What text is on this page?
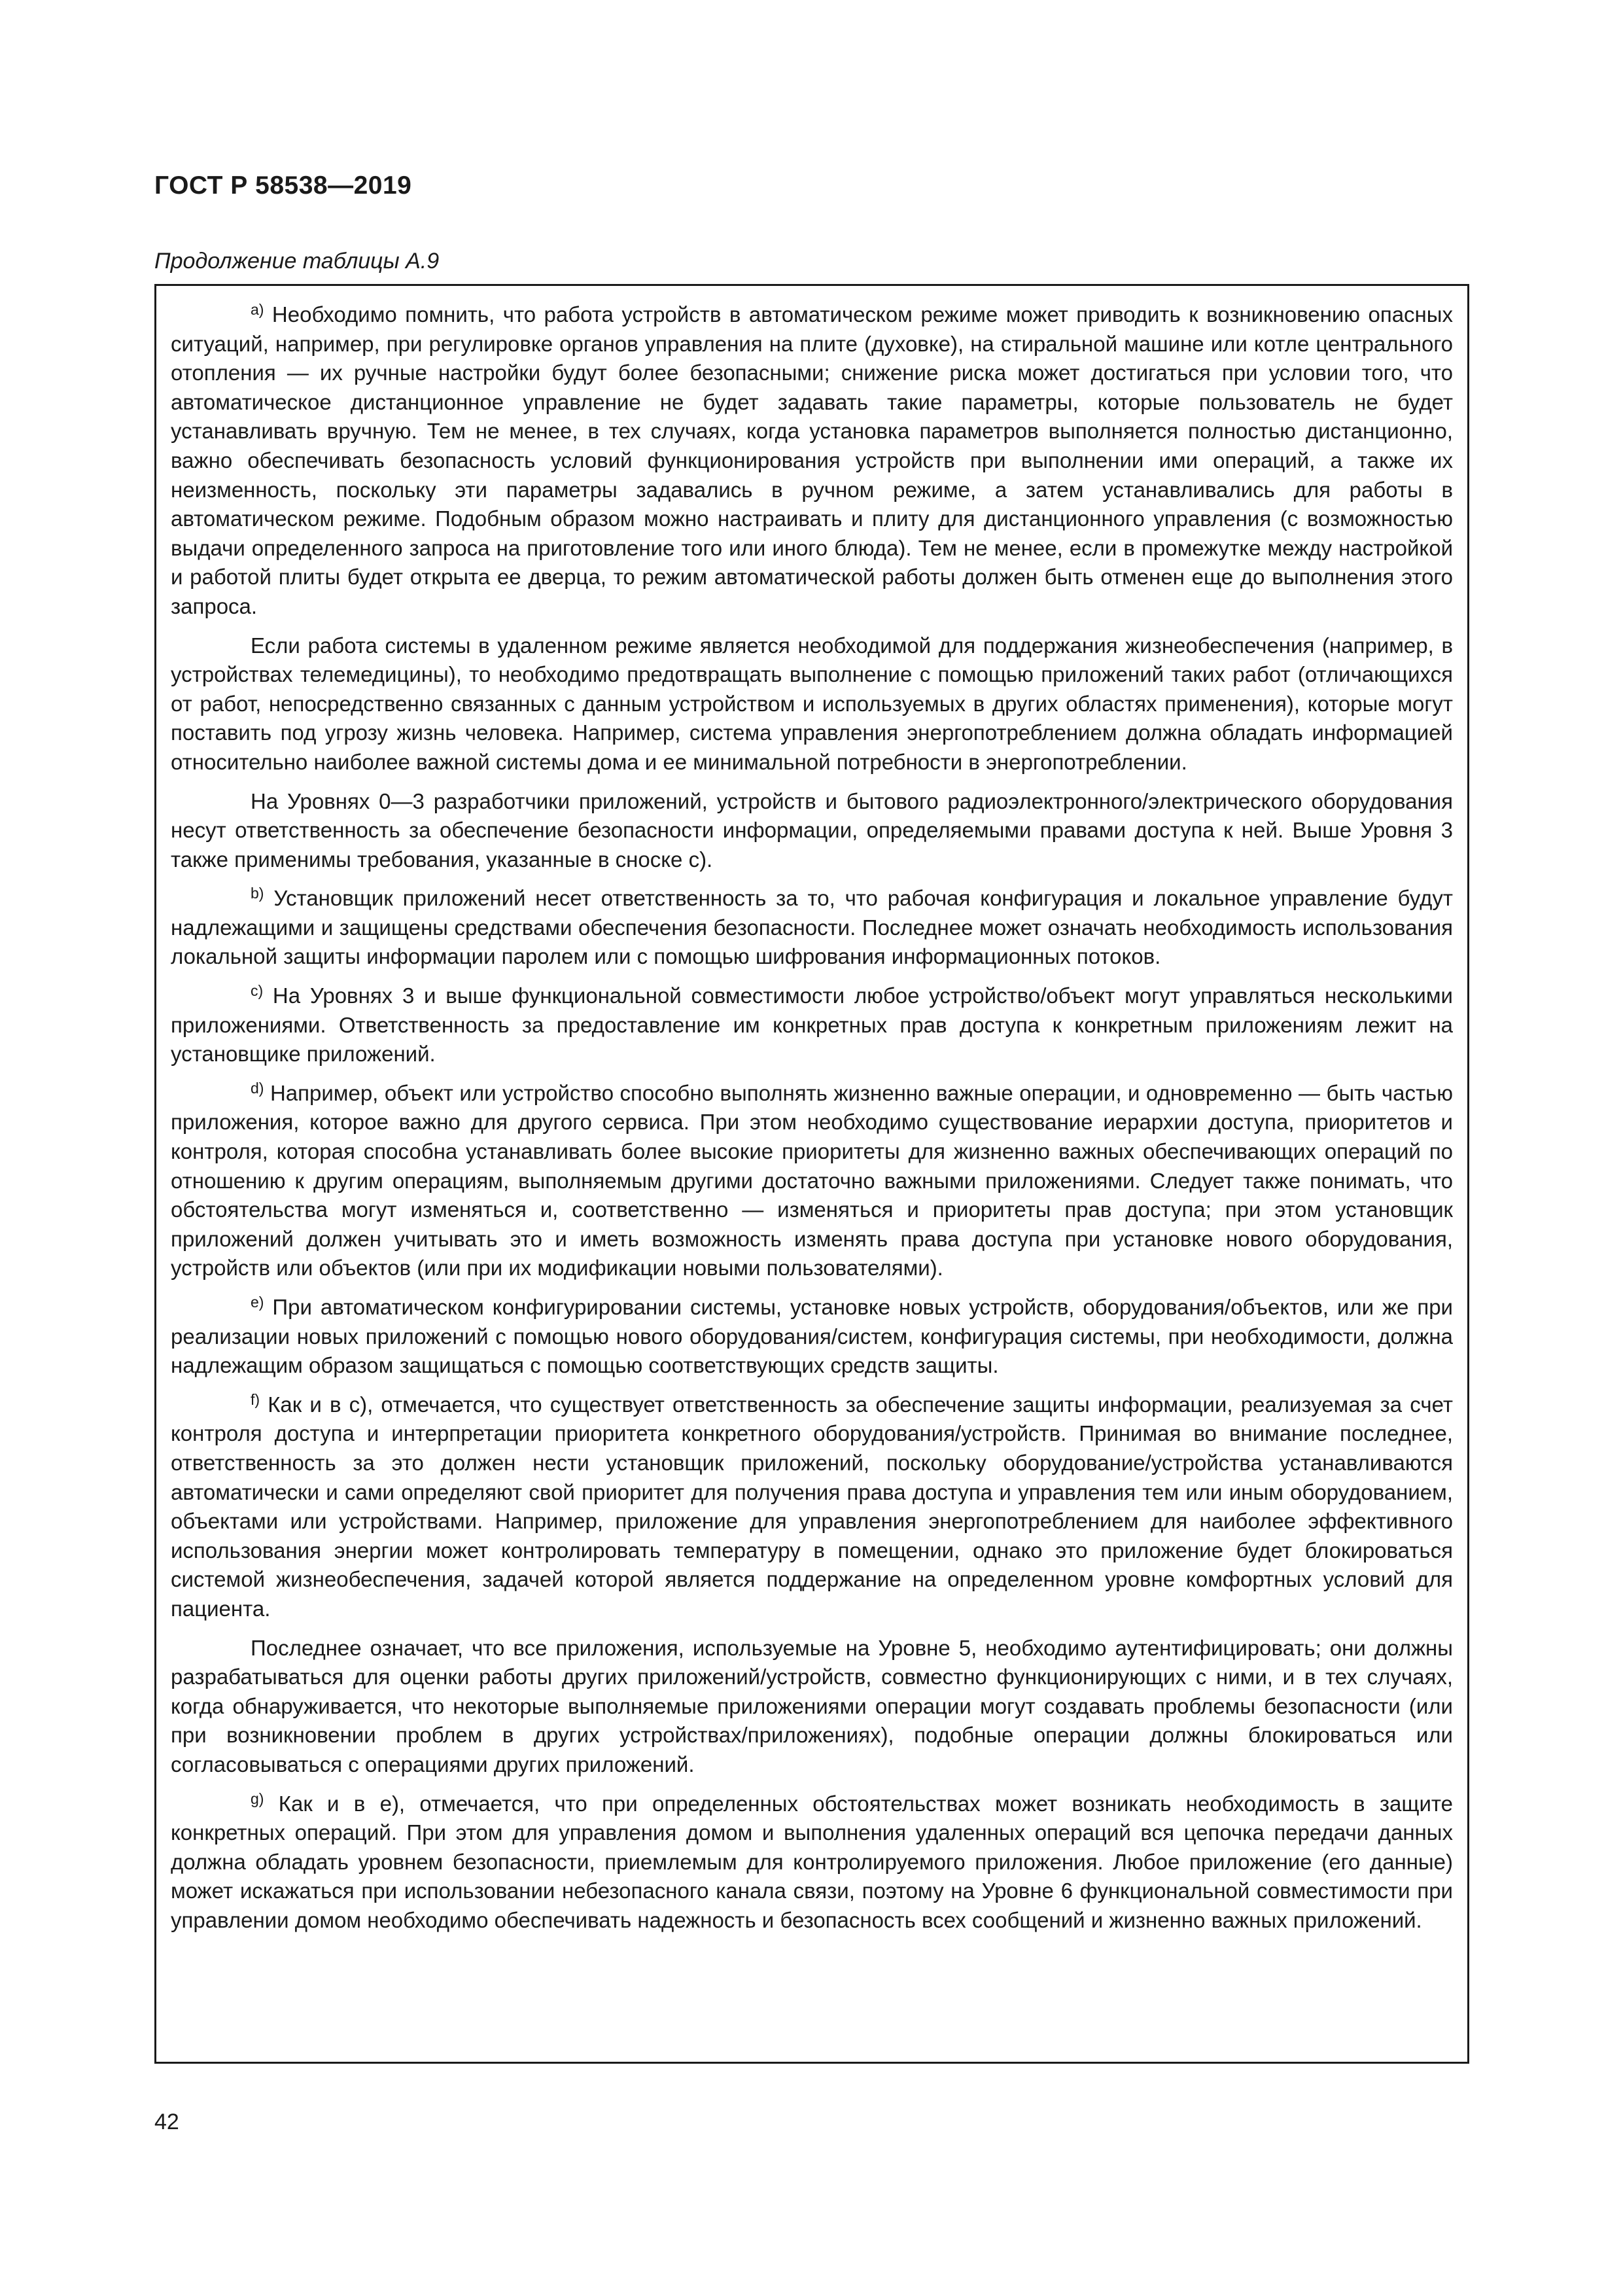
ГОСТ Р 58538—2019

Продолжение таблицы А.9

$^{a)}$ Необходимо помнить, что работа устройств в автоматическом режиме может приводить к возникновению опасных ситуаций, например, при регулировке органов управления на плите (духовке), на стиральной машине или котле центрального отопления — их ручные настройки будут более безопасными; снижение риска может достигаться при условии того, что автоматическое дистанционное управление не будет задавать такие параметры, которые пользователь не будет устанавливать вручную. Тем не менее, в тех случаях, когда установка параметров выполняется полностью дистанционно, важно обеспечивать безопасность условий функционирования устройств при выполнении ими операций, а также их неизменность, поскольку эти параметры задавались в ручном режиме, а затем устанавливались для работы в автоматическом режиме. Подобным образом можно настраивать и плиту для дистанционного управления (с возможностью выдачи определенного запроса на приготовление того или иного блюда). Тем не менее, если в промежутке между настройкой и работой плиты будет открыта ее дверца, то режим автоматической работы должен быть отменен еще до выполнения этого запроса.

Если работа системы в удаленном режиме является необходимой для поддержания жизнеобеспечения (например, в устройствах телемедицины), то необходимо предотвращать выполнение с помощью приложений таких работ (отличающихся от работ, непосредственно связанных с данным устройством и используемых в других областях применения), которые могут поставить под угрозу жизнь человека. Например, система управления энергопотреблением должна обладать информацией относительно наиболее важной системы дома и ее минимальной потребности в энергопотреблении.

На Уровнях 0—3 разработчики приложений, устройств и бытового радиоэлектронного/электрического оборудования несут ответственность за обеспечение безопасности информации, определяемыми правами доступа к ней. Выше Уровня 3 также применимы требования, указанные в сноске с).

$^{b)}$ Установщик приложений несет ответственность за то, что рабочая конфигурация и локальное управление будут надлежащими и защищены средствами обеспечения безопасности. Последнее может означать необходимость использования локальной защиты информации паролем или с помощью шифрования информационных потоков.

$^{c)}$ На Уровнях 3 и выше функциональной совместимости любое устройство/объект могут управляться несколькими приложениями. Ответственность за предоставление им конкретных прав доступа к конкретным приложениям лежит на установщике приложений.

$^{d)}$ Например, объект или устройство способно выполнять жизненно важные операции, и одновременно — быть частью приложения, которое важно для другого сервиса. При этом необходимо существование иерархии доступа, приоритетов и контроля, которая способна устанавливать более высокие приоритеты для жизненно важных обеспечивающих операций по отношению к другим операциям, выполняемым другими достаточно важными приложениями. Следует также понимать, что обстоятельства могут изменяться и, соответственно — изменяться и приоритеты прав доступа; при этом установщик приложений должен учитывать это и иметь возможность изменять права доступа при установке нового оборудования, устройств или объектов (или при их модификации новыми пользователями).

$^{e)}$ При автоматическом конфигурировании системы, установке новых устройств, оборудования/объектов, или же при реализации новых приложений с помощью нового оборудования/систем, конфигурация системы, при необходимости, должна надлежащим образом защищаться с помощью соответствующих средств защиты.

$^{f)}$ Как и в с), отмечается, что существует ответственность за обеспечение защиты информации, реализуемая за счет контроля доступа и интерпретации приоритета конкретного оборудования/устройств. Принимая во внимание последнее, ответственность за это должен нести установщик приложений, поскольку оборудование/устройства устанавливаются автоматически и сами определяют свой приоритет для получения права доступа и управления тем или иным оборудованием, объектами или устройствами. Например, приложение для управления энергопотреблением для наиболее эффективного использования энергии может контролировать температуру в помещении, однако это приложение будет блокироваться системой жизнеобеспечения, задачей которой является поддержание на определенном уровне комфортных условий для пациента.

Последнее означает, что все приложения, используемые на Уровне 5, необходимо аутентифицировать; они должны разрабатываться для оценки работы других приложений/устройств, совместно функционирующих с ними, и в тех случаях, когда обнаруживается, что некоторые выполняемые приложениями операции могут создавать проблемы безопасности (или при возникновении проблем в других устройствах/приложениях), подобные операции должны блокироваться или согласовываться с операциями других приложений.

$^{g)}$ Как и в е), отмечается, что при определенных обстоятельствах может возникать необходимость в защите конкретных операций. При этом для управления домом и выполнения удаленных операций вся цепочка передачи данных должна обладать уровнем безопасности, приемлемым для контролируемого приложения. Любое приложение (его данные) может искажаться при использовании небезопасного канала связи, поэтому на Уровне 6 функциональной совместимости при управлении домом необходимо обеспечивать надежность и безопасность всех сообщений и жизненно важных приложений.

42
